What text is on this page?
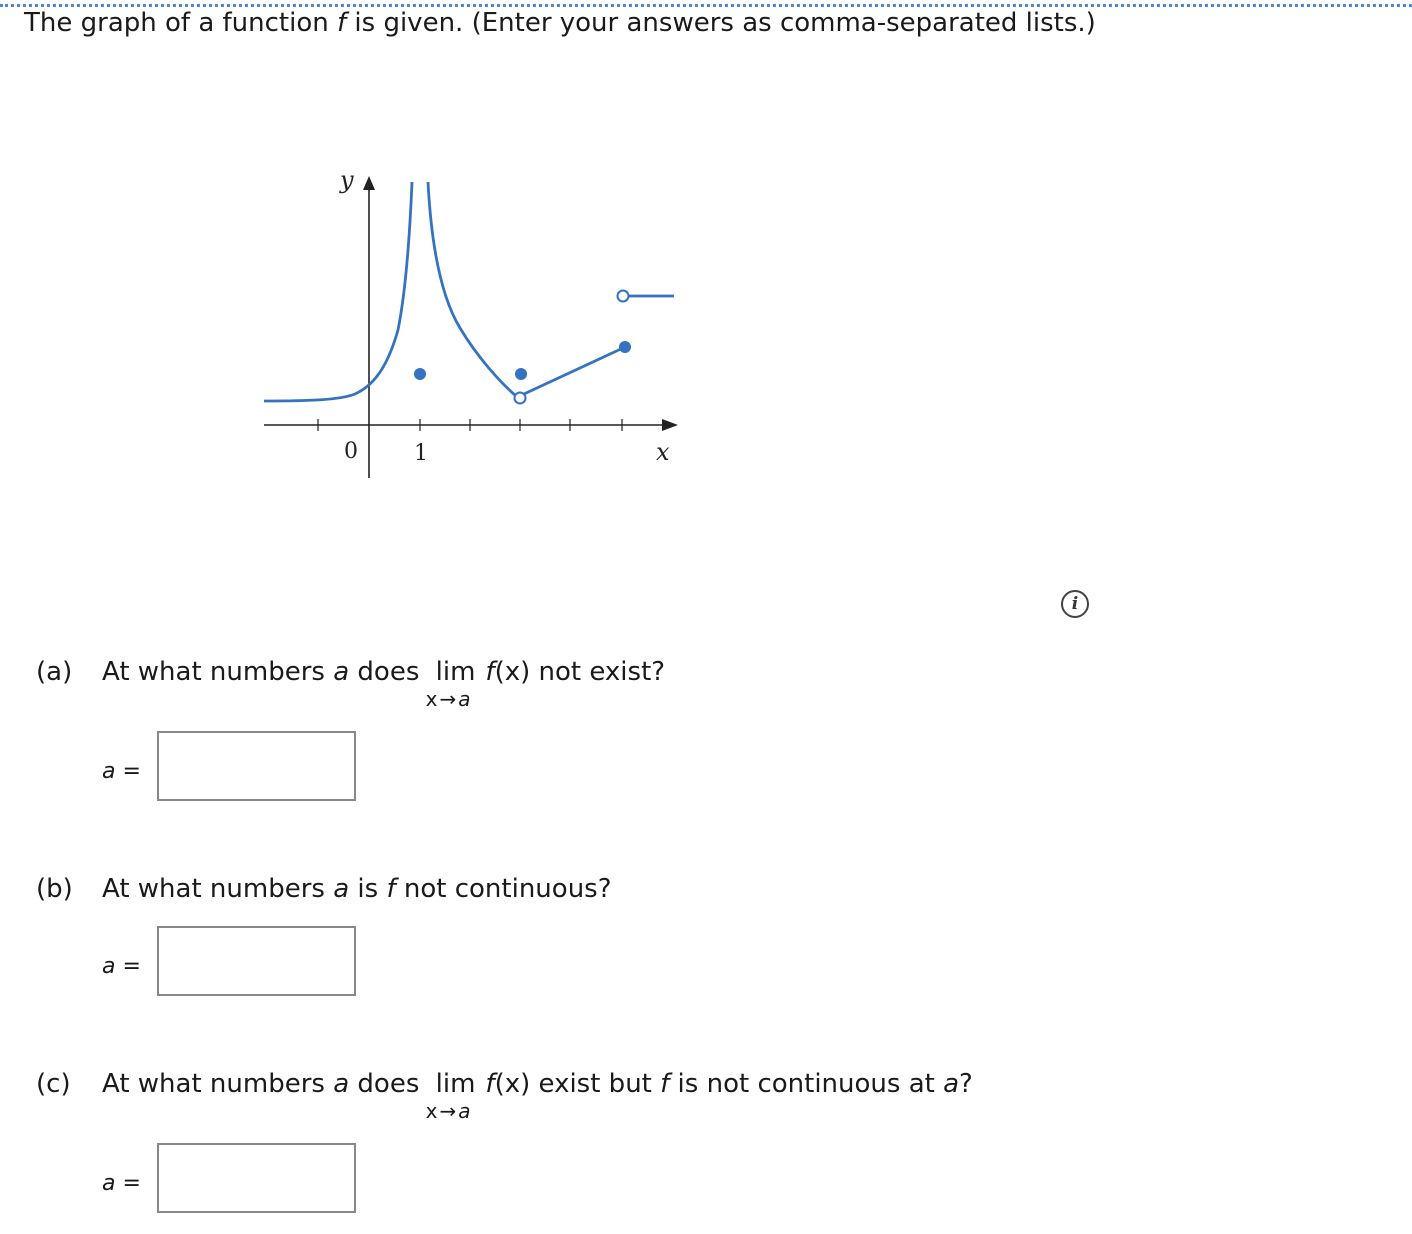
The graph of a function f is given. (Enter your answers as comma-separated lists.)
y
x
0	1
i
(a) At what numbers a does lim
x → a
f(x) not exist?
a =
(b) At what numbers a is f not continuous?
a =
(c) At what numbers a does lim
x → a
f(x) exist but f is not continuous at a?
a =
